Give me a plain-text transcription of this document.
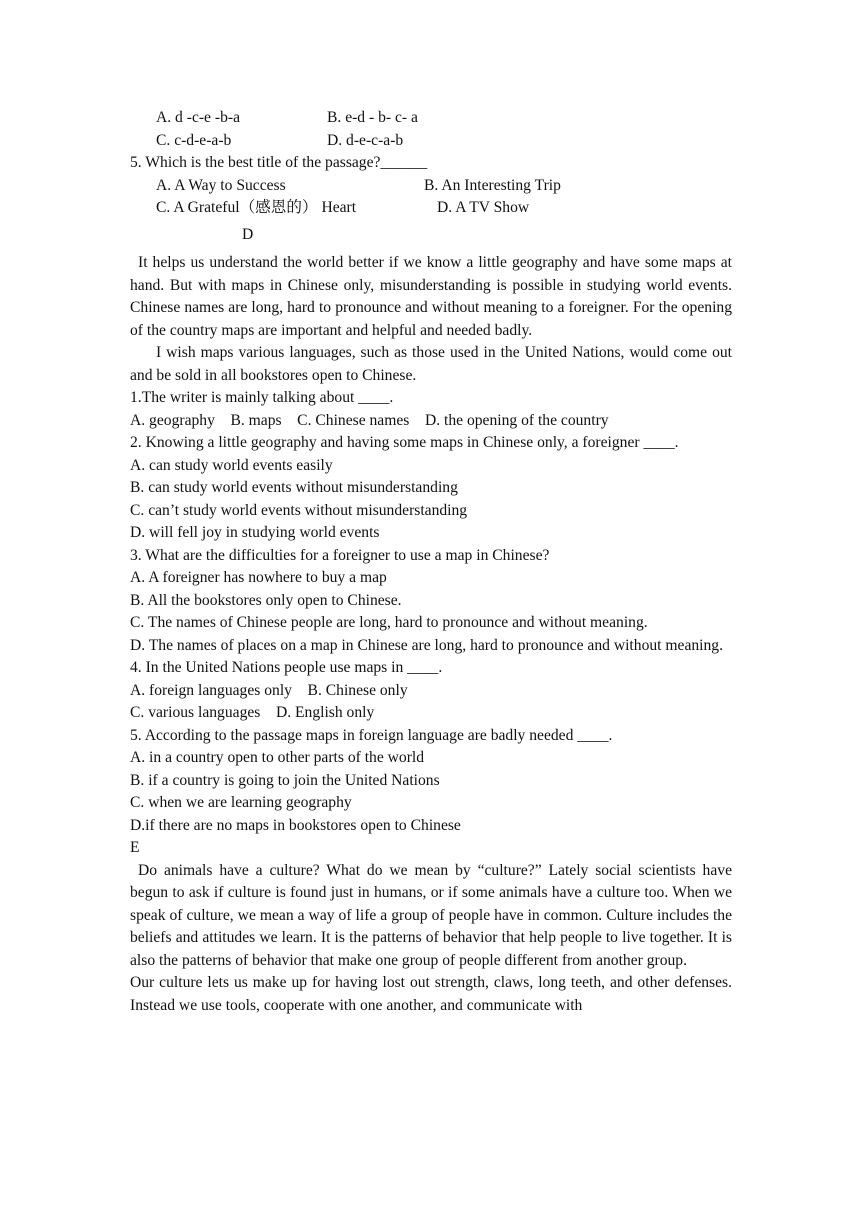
A. d -c-e -b-a	B. e-d - b- c- a
C. c-d-e-a-b	D. d-e-c-a-b
5. Which is the best title of the passage?______
A. A Way to Success	B. An Interesting Trip
C. A Grateful（感恩的） Heart	D. A TV Show
D
It helps us understand the world better if we know a little geography and have some maps at hand. But with maps in Chinese only, misunderstanding is possible in studying world events. Chinese names are long, hard to pronounce and without meaning to a foreigner. For the opening of the country maps are important and helpful and needed badly.
I wish maps various languages, such as those used in the United Nations, would come out and be sold in all bookstores open to Chinese.
1.The writer is mainly talking about ____.
A. geography    B. maps    C. Chinese names    D. the opening of the country
2. Knowing a little geography and having some maps in Chinese only, a foreigner ____.
A. can study world events easily
B. can study world events without misunderstanding
C. can’t study world events without misunderstanding
D. will fell joy in studying world events
3. What are the difficulties for a foreigner to use a map in Chinese?
A. A foreigner has nowhere to buy a map
B. All the bookstores only open to Chinese.
C. The names of Chinese people are long, hard to pronounce and without meaning.
D. The names of places on a map in Chinese are long, hard to pronounce and without meaning.
4. In the United Nations people use maps in ____.
A. foreign languages only    B. Chinese only
C. various languages    D. English only
5. According to the passage maps in foreign language are badly needed ____.
A. in a country open to other parts of the world
B. if a country is going to join the United Nations
C. when we are learning geography
D.if there are no maps in bookstores open to Chinese
E
Do animals have a culture? What do we mean by “culture?” Lately social scientists have begun to ask if culture is found just in humans, or if some animals have a culture too. When we speak of culture, we mean a way of life a group of people have in common. Culture includes the beliefs and attitudes we learn. It is the patterns of behavior that help people to live together. It is also the patterns of behavior that make one group of people different from another group.
Our culture lets us make up for having lost out strength, claws, long teeth, and other defenses. Instead we use tools, cooperate with one another, and communicate with
